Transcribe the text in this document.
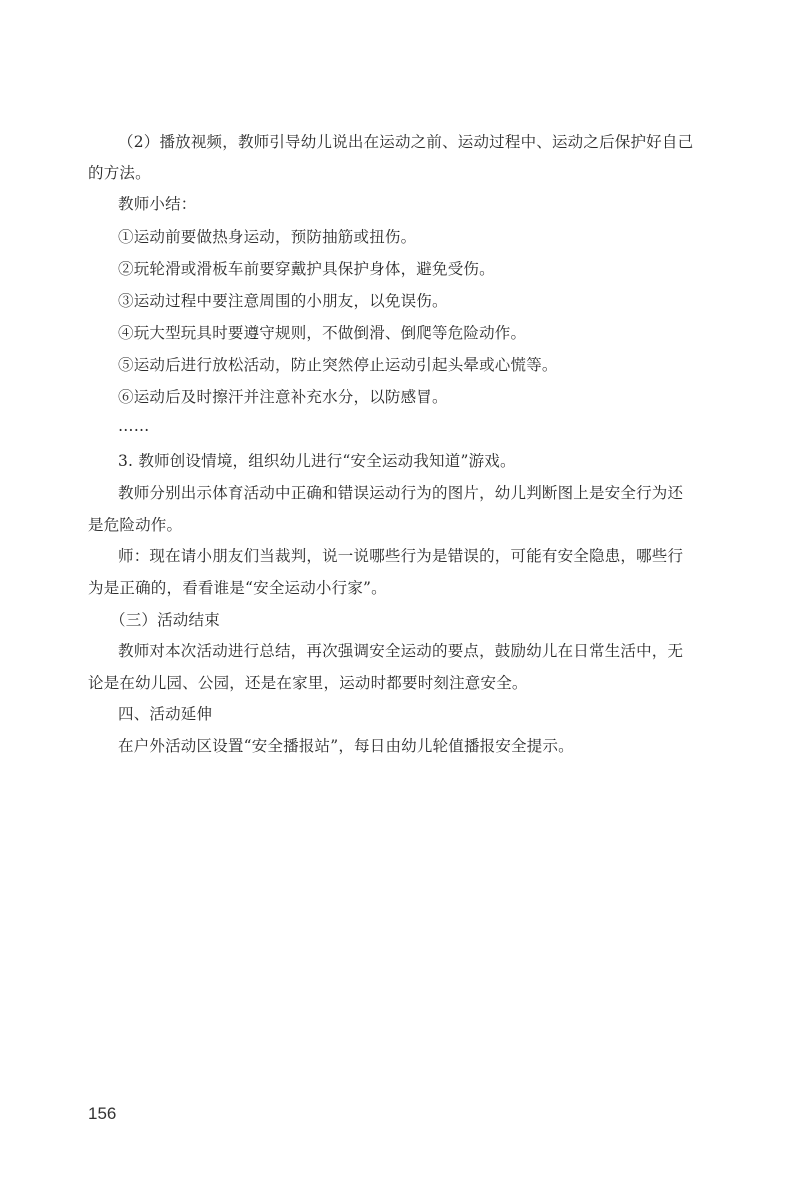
（2）播放视频，教师引导幼儿说出在运动之前、运动过程中、运动之后保护好自己
的方法。
教师小结：
①运动前要做热身运动，预防抽筋或扭伤。
②玩轮滑或滑板车前要穿戴护具保护身体，避免受伤。
③运动过程中要注意周围的小朋友，以免误伤。
④玩大型玩具时要遵守规则，不做倒滑、倒爬等危险动作。
⑤运动后进行放松活动，防止突然停止运动引起头晕或心慌等。
⑥运动后及时擦汗并注意补充水分，以防感冒。
……
3. 教师创设情境，组织幼儿进行“安全运动我知道”游戏。
教师分别出示体育活动中正确和错误运动行为的图片，幼儿判断图上是安全行为还
是危险动作。
师：现在请小朋友们当裁判，说一说哪些行为是错误的，可能有安全隐患，哪些行
为是正确的，看看谁是“安全运动小行家”。
（三）活动结束
教师对本次活动进行总结，再次强调安全运动的要点，鼓励幼儿在日常生活中，无
论是在幼儿园、公园，还是在家里，运动时都要时刻注意安全。
四、活动延伸
在户外活动区设置“安全播报站”，每日由幼儿轮值播报安全提示。
156
